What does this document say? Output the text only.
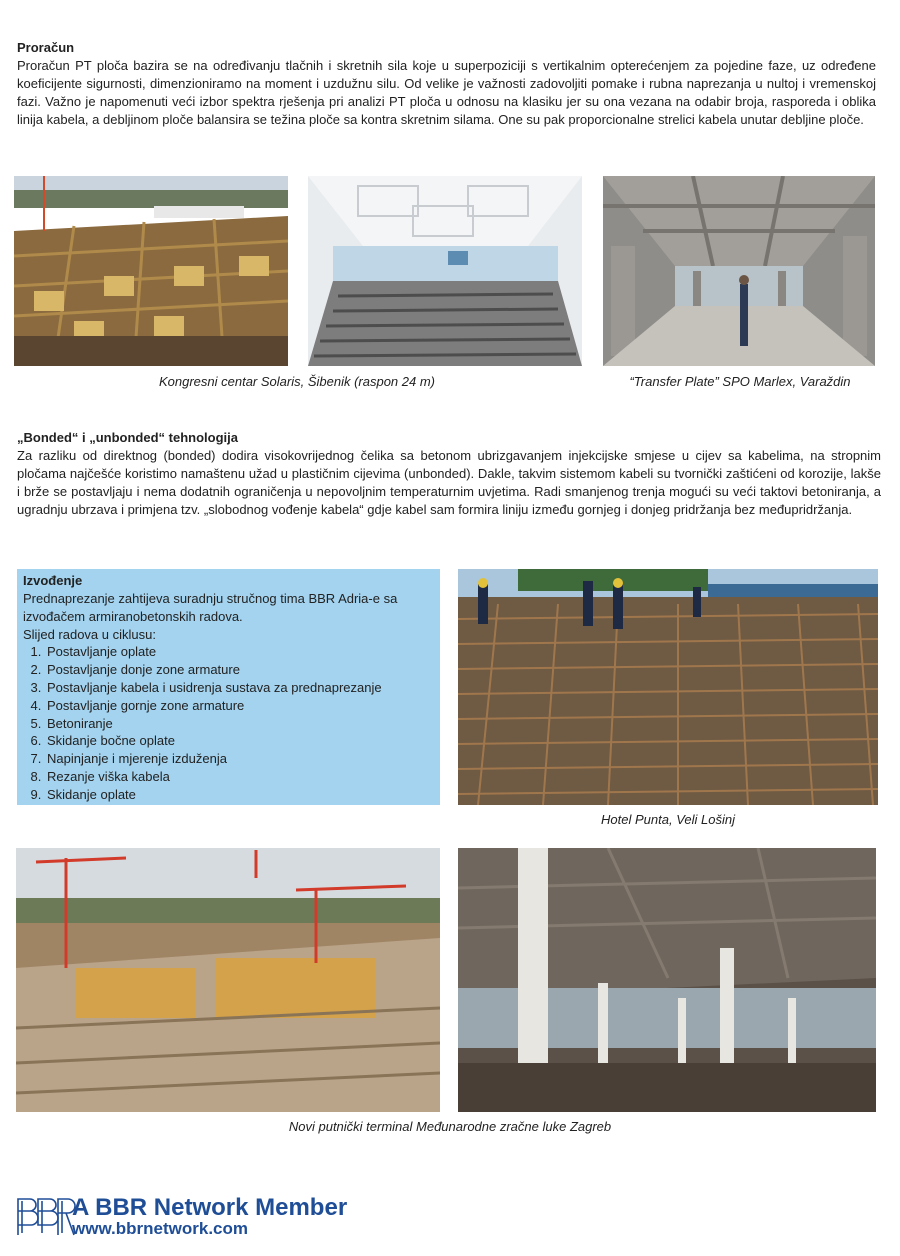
Proračun

Proračun PT ploča bazira se na određivanju tlačnih i skretnih sila koje u superpoziciji s vertikalnim opterećenjem za pojedine faze, uz određene koeficijente sigurnosti, dimenzioniramo na moment i uzdužnu silu. Od velike je važnosti zadovoljiti pomake i rubna naprezanja u nultoj i vremenskoj fazi. Važno je napomenuti veći izbor spektra rješenja pri analizi PT ploča u odnosu na klasiku jer su ona vezana na odabir broja, rasporeda i oblika linija kabela, a debljinom ploče balansira se težina ploče sa kontra skretnim silama. One su pak proporcionalne strelici kabela unutar debljine ploče.

Kongresni centar Solaris, Šibenik (raspon 24 m)	“Transfer Plate” SPO Marlex, Varaždin

„Bonded“ i „unbonded“ tehnologija

Za razliku od direktnog (bonded) dodira visokovrijednog čelika sa betonom ubrizgavanjem injekcijske smjese u cijev sa kabelima, na stropnim pločama najčešće koristimo namaštenu užad u plastičnim cijevima (unbonded). Dakle, takvim sistemom kabeli su tvornički zaštićeni od korozije, lakše i brže se postavljaju i nema dodatnih ograničenja u nepovoljnim temperaturnim uvjetima. Radi smanjenog trenja mogući su veći taktovi betoniranja, a ugradnju ubrzava i primjena tzv. „slobodnog vođenje kabela“ gdje kabel sam formira liniju između gornjeg i donjeg pridržanja bez međupridržanja.

Izvođenje
Prednaprezanje zahtijeva suradnju stručnog tima BBR Adria-e sa izvođačem armiranobetonskih radova.
Slijed radova u ciklusu:
1. Postavljanje oplate
2. Postavljanje donje zone armature
3. Postavljanje kabela i usidrenja sustava za prednaprezanje
4. Postavljanje gornje zone armature
5. Betoniranje
6. Skidanje bočne oplate
7. Napinjanje i mjerenje izduženja
8. Rezanje viška kabela
9. Skidanje oplate
Hotel Punta, Veli Lošinj
Novi putnički terminal Međunarodne zračne luke Zagreb
A BBR Network Member
www.bbrnetwork.com
